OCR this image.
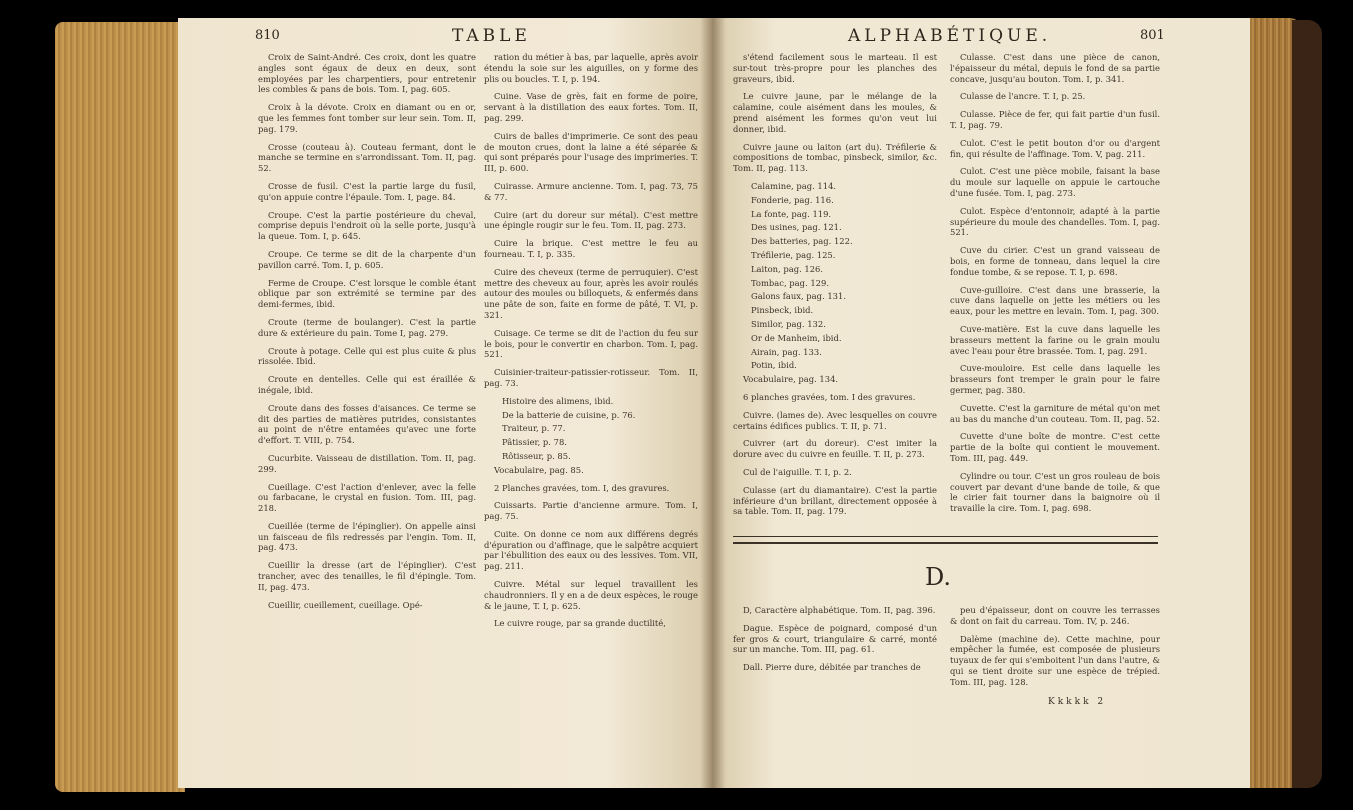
810	TABLE

Croix de Saint-André. Ces croix, dont les quatre angles sont égaux de deux en deux, sont employées par les charpentiers, pour entretenir les combles & pans de bois. Tom. I, pag. 605.

Croix à la dévote. Croix en diamant ou en or, que les femmes font tomber sur leur sein. Tom. II, pag. 179.

Crosse (couteau à). Couteau fermant, dont le manche se termine en s'arrondissant. Tom. II, pag. 52.

Crosse de fusil. C'est la partie large du fusil, qu'on appuie contre l'épaule. Tom. I, page. 84.

Croupe. C'est la partie postérieure du cheval, comprise depuis l'endroit où la selle porte, jusqu'à la queue. Tom. I, p. 645.

Croupe. Ce terme se dit de la charpente d'un pavillon carré. Tom. I, p. 605.

Ferme de Croupe. C'est lorsque le comble étant oblique par son extrémité se termine par des demi-fermes, ibid.

Croute (terme de boulanger). C'est la partie dure & extérieure du pain. Tome I, pag. 279.

Croute à potage. Celle qui est plus cuite & plus rissolée. Ibid.

Croute en dentelles. Celle qui est éraillée & inégale, ibid.

Croute dans des fosses d'aisances. Ce terme se dit des parties de matières putrides, consistantes au point de n'être entamées qu'avec une forte d'effort. T. VIII, p. 754.

Cucurbite. Vaisseau de distillation. Tom. II, pag. 299.

Cueillage. C'est l'action d'enlever, avec la felle ou farbacane, le crystal en fusion. Tom. III, pag. 218.

Cueillée (terme de l'épinglier). On appelle ainsi un faisceau de fils redressés par l'engin. Tom. II, pag. 473.

Cueillir la dresse (art de l'épinglier). C'est trancher, avec des tenailles, le fil d'épingle. Tom. II, pag. 473.

Cueillir, cueillement, cueillage. Opé-

ration du métier à bas, par laquelle, après avoir étendu la soie sur les aiguilles, on y forme des plis ou boucles. T. I, p. 194.

Cuine. Vase de grès, fait en forme de poire, servant à la distillation des eaux fortes. Tom. II, pag. 299.

Cuirs de balles d'imprimerie. Ce sont des peau de mouton crues, dont la laine a été séparée & qui sont préparés pour l'usage des imprimeries. T. III, p. 600.

Cuirasse. Armure ancienne. Tom. I, pag. 73, 75 & 77.

Cuire (art du doreur sur métal). C'est mettre une épingle rougir sur le feu. Tom. II, pag. 273.

Cuire la brique. C'est mettre le feu au fourneau. T. I, p. 335.

Cuire des cheveux (terme de perruquier). C'est mettre des cheveux au four, après les avoir roulés autour des moules ou billoquets, & enfermés dans une pâte de son, faite en forme de pâté, T. VI, p. 321.

Cuisage. Ce terme se dit de l'action du feu sur le bois, pour le convertir en charbon. Tom. I, pag. 521.

Cuisinier-traiteur-patissier-rotisseur. Tom. II, pag. 73.

Histoire des alimens, ibid.

De la batterie de cuisine, p. 76.

Traiteur, p. 77.

Pâtissier, p. 78.

Rôtisseur, p. 85.

Vocabulaire, pag. 85.

2 Planches gravées, tom. I, des gravures.

Cuissarts. Partie d'ancienne armure. Tom. I, pag. 75.

Cuite. On donne ce nom aux différens degrés d'épuration ou d'affinage, que le salpêtre acquiert par l'ébullition des eaux ou des lessives. Tom. VII, pag. 211.

Cuivre. Métal sur lequel travaillent les chaudronniers. Il y en a de deux espèces, le rouge & le jaune, T. I, p. 625.

Le cuivre rouge, par sa grande ductilité,

ALPHABÉTIQUE.	801

s'étend facilement sous le marteau. Il est sur-tout très-propre pour les planches des graveurs, ibid.

Le cuivre jaune, par le mélange de la calamine, coule aisément dans les moules, & prend aisément les formes qu'on veut lui donner, ibid.

Cuivre jaune ou laiton (art du). Tréfilerie & compositions de tombac, pinsbeck, similor, &c. Tom. II, pag. 113.

Calamine, pag. 114.

Fonderie, pag. 116.

La fonte, pag. 119.

Des usines, pag. 121.

Des batteries, pag. 122.

Tréfilerie, pag. 125.

Laiton, pag. 126.

Tombac, pag. 129.

Galons faux, pag. 131.

Pinsbeck, ibid.

Similor, pag. 132.

Or de Manheim, ibid.

Airain, pag. 133.

Potin, ibid.

Vocabulaire, pag. 134.

6 planches gravées, tom. I des gravures.

Cuivre. (lames de). Avec lesquelles on couvre certains édifices publics. T. II, p. 71.

Cuivrer (art du doreur). C'est imiter la dorure avec du cuivre en feuille. T. II, p. 273.

Cul de l'aiguille. T. I, p. 2.

Culasse (art du diamantaire). C'est la partie inférieure d'un brillant, directement opposée à sa table. Tom. II, pag. 179.

Culasse. C'est dans une pièce de canon, l'épaisseur du métal, depuis le fond de sa partie concave, jusqu'au bouton. Tom. I, p. 341.

Culasse de l'ancre. T. I, p. 25.

Culasse. Pièce de fer, qui fait partie d'un fusil. T. I, pag. 79.

Culot. C'est le petit bouton d'or ou d'argent fin, qui résulte de l'affinage. Tom. V, pag. 211.

Culot. C'est une pièce mobile, faisant la base du moule sur laquelle on appuie le cartouche d'une fusée. Tom. I, pag. 273.

Culot. Espèce d'entonnoir, adapté à la partie supérieure du moule des chandelles. Tom. I, pag. 521.

Cuve du cirier. C'est un grand vaisseau de bois, en forme de tonneau, dans lequel la cire fondue tombe, & se repose. T. I, p. 698.

Cuve-guilloire. C'est dans une brasserie, la cuve dans laquelle on jette les métiers ou les eaux, pour les mettre en levain. Tom. I, pag. 300.

Cuve-matière. Est la cuve dans laquelle les brasseurs mettent la farine ou le grain moulu avec l'eau pour être brassée. Tom. I, pag. 291.

Cuve-mouloire. Est celle dans laquelle les brasseurs font tremper le grain pour le faire germer, pag. 380.

Cuvette. C'est la garniture de métal qu'on met au bas du manche d'un couteau. Tom. II, pag. 52.

Cuvette d'une boîte de montre. C'est cette partie de la boîte qui contient le mouvement. Tom. III, pag. 449.

Cylindre ou tour. C'est un gros rouleau de bois couvert par devant d'une bande de toile, & que le cirier fait tourner dans la baignoire où il travaille la cire. Tom. I, pag. 698.

D.

D, Caractère alphabétique. Tom. II, pag. 396.

Dague. Espèce de poignard, composé d'un fer gros & court, triangulaire & carré, monté sur un manche. Tom. III, pag. 61.

Dall. Pierre dure, débitée par tranches de

peu d'épaisseur, dont on couvre les terrasses & dont on fait du carreau. Tom. IV, p. 246.

Dalème (machine de). Cette machine, pour empêcher la fumée, est composée de plusieurs tuyaux de fer qui s'emboitent l'un dans l'autre, & qui se tient droite sur une espèce de trépied. Tom. III, pag. 128.

Kkkkk 2
